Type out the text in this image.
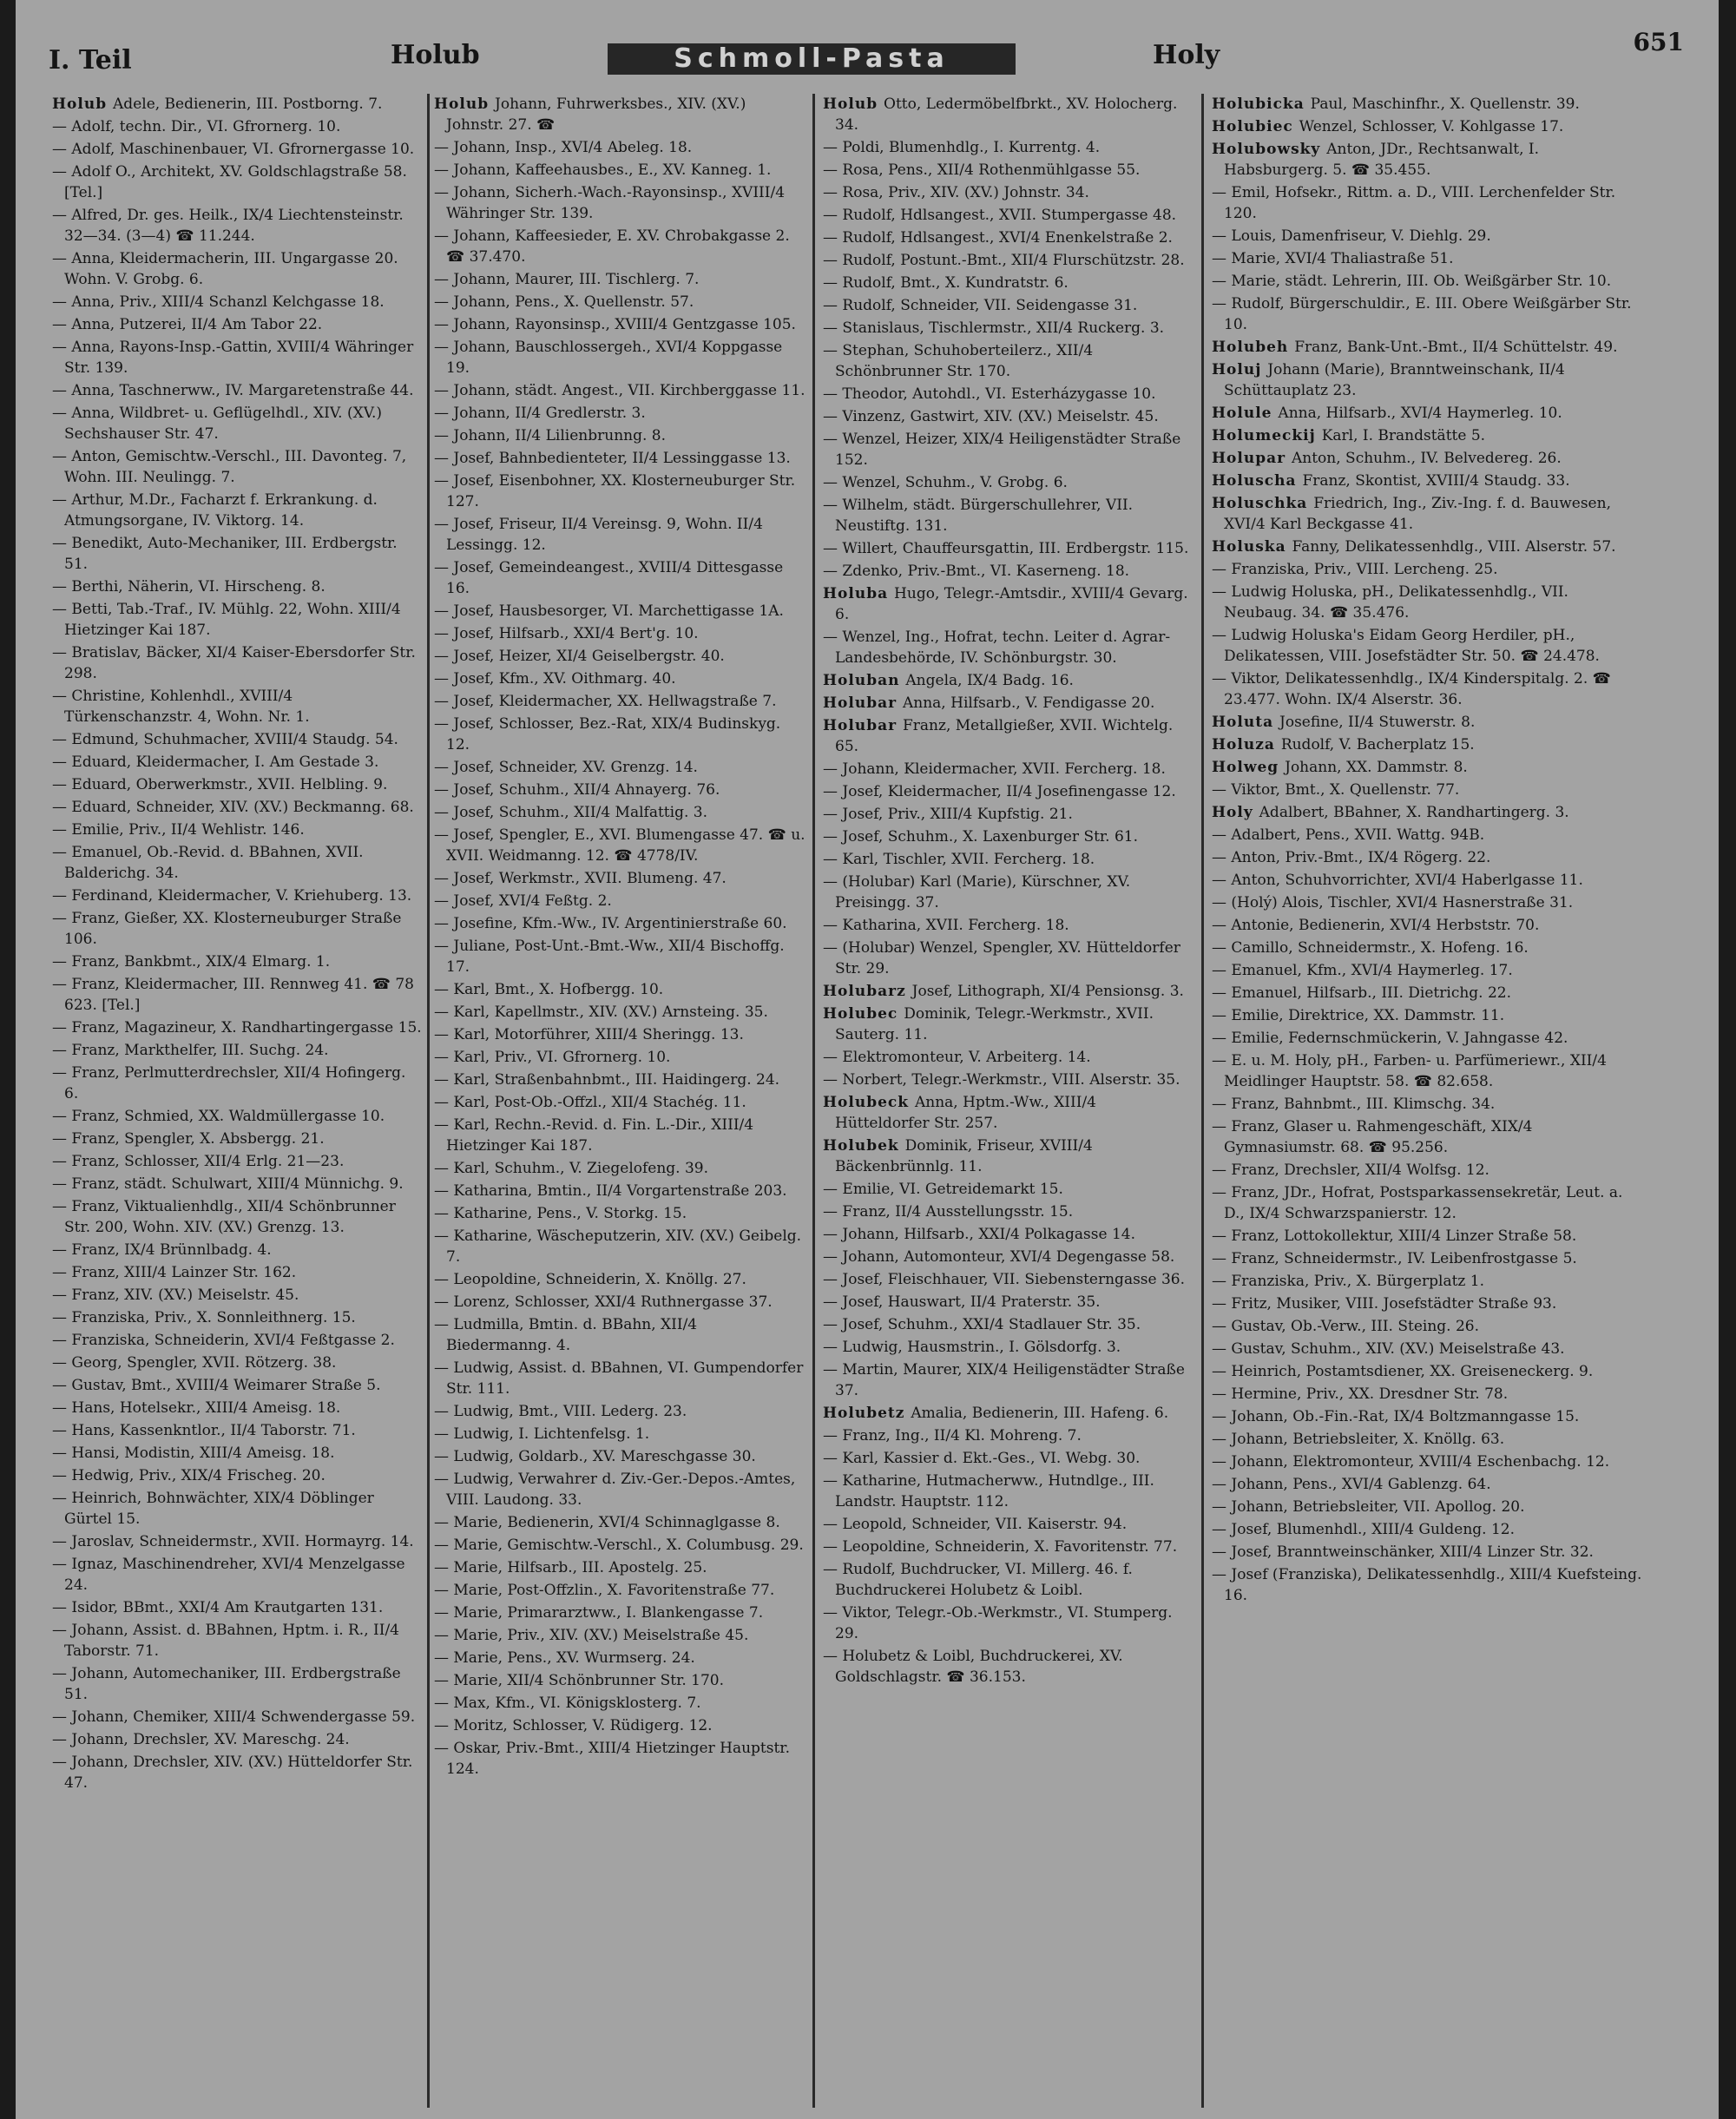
I. Teil	Holub	Schmoll-Pasta	Holy	651
Holub Adele, Bedienerin, III. Postborng. 7.
— Adolf, techn. Dir., VI. Gfrornerg. 10.
— Adolf, Maschinenbauer, VI. Gfrornergasse 10.
— Adolf O., Architekt, XV. Goldschlagstraße 58. [Tel.]
— Alfred, Dr. ges. Heilk., IX/4 Liechtensteinstr. 32—34. (3—4) ☎ 11.244.
— Anna, Kleidermacherin, III. Ungargasse 20. Wohn. V. Grobg. 6.
— Anna, Priv., XIII/4 Schanzl Kelchgasse 18.
— Anna, Putzerei, II/4 Am Tabor 22.
— Anna, Rayons-Insp.-Gattin, XVIII/4 Währinger Str. 139.
— Anna, Taschnerww., IV. Margaretenstraße 44.
— Anna, Wildbret- u. Geflügelhdl., XIV. (XV.) Sechshauser Str. 47.
— Anton, Gemischtw.-Verschl., III. Davonteg. 7, Wohn. III. Neulingg. 7.
— Arthur, M.Dr., Facharzt f. Erkrankung. d. Atmungsorgane, IV. Viktorg. 14.
— Benedikt, Auto-Mechaniker, III. Erdbergstr. 51.
— Berthi, Näherin, VI. Hirscheng. 8.
— Betti, Tab.-Traf., IV. Mühlg. 22, Wohn. XIII/4 Hietzinger Kai 187.
— Bratislav, Bäcker, XI/4 Kaiser-Ebersdorfer Str. 298.
— Christine, Kohlenhdl., XVIII/4 Türkenschanzstr. 4, Wohn. Nr. 1.
— Edmund, Schuhmacher, XVIII/4 Staudg. 54.
— Eduard, Kleidermacher, I. Am Gestade 3.
— Eduard, Oberwerkmstr., XVII. Helbling. 9.
— Eduard, Schneider, XIV. (XV.) Beckmanng. 68.
— Emilie, Priv., II/4 Wehlistr. 146.
— Emanuel, Ob.-Revid. d. BBahnen, XVII. Balderichg. 34.
— Ferdinand, Kleidermacher, V. Kriehuberg. 13.
— Franz, Gießer, XX. Klosterneuburger Straße 106.
— Franz, Bankbmt., XIX/4 Elmarg. 1.
— Franz, Kleidermacher, III. Rennweg 41. ☎ 78 623. [Tel.]
— Franz, Magazineur, X. Randhartingergasse 15.
— Franz, Markthelfer, III. Suchg. 24.
— Franz, Perlmutterdrechsler, XII/4 Hofingerg. 6.
— Franz, Schmied, XX. Waldmüllergasse 10.
— Franz, Spengler, X. Absbergg. 21.
— Franz, Schlosser, XII/4 Erlg. 21—23.
— Franz, städt. Schulwart, XIII/4 Münnichg. 9.
— Franz, Viktualienhdlg., XII/4 Schönbrunner Str. 200, Wohn. XIV. (XV.) Grenzg. 13.
— Franz, IX/4 Brünnlbadg. 4.
— Franz, XIII/4 Lainzer Str. 162.
— Franz, XIV. (XV.) Meiselstr. 45.
— Franziska, Priv., X. Sonnleithnerg. 15.
— Franziska, Schneiderin, XVI/4 Feßtgasse 2.
— Georg, Spengler, XVII. Rötzerg. 38.
— Gustav, Bmt., XVIII/4 Weimarer Straße 5.
— Hans, Hotelsekr., XIII/4 Ameisg. 18.
— Hans, Kassenkntlor., II/4 Taborstr. 71.
— Hansi, Modistin, XIII/4 Ameisg. 18.
— Hedwig, Priv., XIX/4 Frischeg. 20.
— Heinrich, Bohnwächter, XIX/4 Döblinger Gürtel 15.
— Jaroslav, Schneidermstr., XVII. Hormayrg. 14.
— Ignaz, Maschinendreher, XVI/4 Menzelgasse 24.
— Isidor, BBmt., XXI/4 Am Krautgarten 131.
— Johann, Assist. d. BBahnen, Hptm. i. R., II/4 Taborstr. 71.
— Johann, Automechaniker, III. Erdbergstraße 51.
— Johann, Chemiker, XIII/4 Schwendergasse 59.
— Johann, Drechsler, XV. Mareschg. 24.
— Johann, Drechsler, XIV. (XV.) Hütteldorfer Str. 47.
Holub Johann, Fuhrwerksbes., XIV. (XV.) Johnstr. 27. ☎
— Johann, Insp., XVI/4 Abeleg. 18.
— Johann, Kaffeehausbes., E., XV. Kanneg. 1.
— Johann, Sicherh.-Wach.-Rayonsinsp., XVIII/4 Währinger Str. 139.
— Johann, Kaffeesieder, E. XV. Chrobakgasse 2. ☎ 37.470.
— Johann, Maurer, III. Tischlerg. 7.
— Johann, Pens., X. Quellenstr. 57.
— Johann, Rayonsinsp., XVIII/4 Gentzgasse 105.
— Johann, Bauschlossergeh., XVI/4 Koppgasse 19.
— Johann, städt. Angest., VII. Kirchberggasse 11.
— Johann, II/4 Gredlerstr. 3.
— Johann, II/4 Lilienbrunng. 8.
— Josef, Bahnbedienteter, II/4 Lessinggasse 13.
— Josef, Eisenbohner, XX. Klosterneuburger Str. 127.
— Josef, Friseur, II/4 Vereinsg. 9, Wohn. II/4 Lessingg. 12.
— Josef, Gemeindeangest., XVIII/4 Dittesgasse 16.
— Josef, Hausbesorger, VI. Marchettigasse 1A.
— Josef, Hilfsarb., XXI/4 Bert'g. 10.
— Josef, Heizer, XI/4 Geiselbergstr. 40.
— Josef, Kfm., XV. Oithmarg. 40.
— Josef, Kleidermacher, XX. Hellwagstraße 7.
— Josef, Schlosser, Bez.-Rat, XIX/4 Budinskyg. 12.
— Josef, Schneider, XV. Grenzg. 14.
— Josef, Schuhm., XII/4 Ahnayerg. 76.
— Josef, Schuhm., XII/4 Malfattig. 3.
— Josef, Spengler, E., XVI. Blumengasse 47. ☎ u. XVII. Weidmanng. 12. ☎ 4778/IV.
— Josef, Werkmstr., XVII. Blumeng. 47.
— Josef, XVI/4 Feßtg. 2.
— Josefine, Kfm.-Ww., IV. Argentinierstraße 60.
— Juliane, Post-Unt.-Bmt.-Ww., XII/4 Bischoffg. 17.
— Karl, Bmt., X. Hofbergg. 10.
— Karl, Kapellmstr., XIV. (XV.) Arnsteing. 35.
— Karl, Motorführer, XIII/4 Sheringg. 13.
— Karl, Priv., VI. Gfrornerg. 10.
— Karl, Straßenbahnbmt., III. Haidingerg. 24.
— Karl, Post-Ob.-Offzl., XII/4 Stachég. 11.
— Karl, Rechn.-Revid. d. Fin. L.-Dir., XIII/4 Hietzinger Kai 187.
— Karl, Schuhm., V. Ziegelofeng. 39.
— Katharina, Bmtin., II/4 Vorgartenstraße 203.
— Katharine, Pens., V. Storkg. 15.
— Katharine, Wäscheputzerin, XIV. (XV.) Geibelg. 7.
— Leopoldine, Schneiderin, X. Knöllg. 27.
— Lorenz, Schlosser, XXI/4 Ruthnergasse 37.
— Ludmilla, Bmtin. d. BBahn, XII/4 Biedermanng. 4.
— Ludwig, Assist. d. BBahnen, VI. Gumpendorfer Str. 111.
— Ludwig, Bmt., VIII. Lederg. 23.
— Ludwig, I. Lichtenfelsg. 1.
— Ludwig, Goldarb., XV. Mareschgasse 30.
— Ludwig, Verwahrer d. Ziv.-Ger.-Depos.-Amtes, VIII. Laudong. 33.
— Marie, Bedienerin, XVI/4 Schinnaglgasse 8.
— Marie, Gemischtw.-Verschl., X. Columbusg. 29.
— Marie, Hilfsarb., III. Apostelg. 25.
— Marie, Post-Offzlin., X. Favoritenstraße 77.
— Marie, Primararztww., I. Blankengasse 7.
— Marie, Priv., XIV. (XV.) Meiselstraße 45.
— Marie, Pens., XV. Wurmserg. 24.
— Marie, XII/4 Schönbrunner Str. 170.
— Max, Kfm., VI. Königsklosterg. 7.
— Moritz, Schlosser, V. Rüdigerg. 12.
— Oskar, Priv.-Bmt., XIII/4 Hietzinger Hauptstr. 124.
Holub Otto, Ledermöbelfbrkt., XV. Holocherg. 34.
— Poldi, Blumenhdlg., I. Kurrentg. 4.
— Rosa, Pens., XII/4 Rothenmühlgasse 55.
— Rosa, Priv., XIV. (XV.) Johnstr. 34.
— Rudolf, Hdlsangest., XVII. Stumpergasse 48.
— Rudolf, Hdlsangest., XVI/4 Enenkelstraße 2.
— Rudolf, Postunt.-Bmt., XII/4 Flurschützstr. 28.
— Rudolf, Bmt., X. Kundratstr. 6.
— Rudolf, Schneider, VII. Seidengasse 31.
— Stanislaus, Tischlermstr., XII/4 Ruckerg. 3.
— Stephan, Schuhoberteilerz., XII/4 Schönbrunner Str. 170.
— Theodor, Autohdl., VI. Esterházygasse 10.
— Vinzenz, Gastwirt, XIV. (XV.) Meiselstr. 45.
— Wenzel, Heizer, XIX/4 Heiligenstädter Straße 152.
— Wenzel, Schuhm., V. Grobg. 6.
— Wilhelm, städt. Bürgerschullehrer, VII. Neustiftg. 131.
— Willert, Chauffeursgattin, III. Erdbergstr. 115.
— Zdenko, Priv.-Bmt., VI. Kaserneng. 18.
Holuba Hugo, Telegr.-Amtsdir., XVIII/4 Gevarg. 6.
— Wenzel, Ing., Hofrat, techn. Leiter d. Agrar-Landesbehörde, IV. Schönburgstr. 30.
Holuban Angela, IX/4 Badg. 16.
Holubar Anna, Hilfsarb., V. Fendigasse 20.
Holubar Franz, Metallgießer, XVII. Wichtelg. 65.
— Johann, Kleidermacher, XVII. Fercherg. 18.
— Josef, Kleidermacher, II/4 Josefinengasse 12.
— Josef, Priv., XIII/4 Kupfstig. 21.
— Josef, Schuhm., X. Laxenburger Str. 61.
— Karl, Tischler, XVII. Fercherg. 18.
— (Holubar) Karl (Marie), Kürschner, XV. Preisingg. 37.
— Katharina, XVII. Fercherg. 18.
— (Holubar) Wenzel, Spengler, XV. Hütteldorfer Str. 29.
Holubarz Josef, Lithograph, XI/4 Pensionsg. 3.
Holubec Dominik, Telegr.-Werkmstr., XVII. Sauterg. 11.
— Elektromonteur, V. Arbeiterg. 14.
— Norbert, Telegr.-Werkmstr., VIII. Alserstr. 35.
Holubeck Anna, Hptm.-Ww., XIII/4 Hütteldorfer Str. 257.
Holubek Dominik, Friseur, XVIII/4 Bäckenbrünnlg. 11.
— Emilie, VI. Getreidemarkt 15.
— Franz, II/4 Ausstellungsstr. 15.
— Johann, Hilfsarb., XXI/4 Polkagasse 14.
— Johann, Automonteur, XVI/4 Degengasse 58.
— Josef, Fleischhauer, VII. Siebensterngasse 36.
— Josef, Hauswart, II/4 Praterstr. 35.
— Josef, Schuhm., XXI/4 Stadlauer Str. 35.
— Ludwig, Hausmstrin., I. Gölsdorfg. 3.
— Martin, Maurer, XIX/4 Heiligenstädter Straße 37.
Holubetz Amalia, Bedienerin, III. Hafeng. 6.
— Franz, Ing., II/4 Kl. Mohreng. 7.
— Karl, Kassier d. Ekt.-Ges., VI. Webg. 30.
— Katharine, Hutmacherww., Hutndlge., III. Landstr. Hauptstr. 112.
— Leopold, Schneider, VII. Kaiserstr. 94.
— Leopoldine, Schneiderin, X. Favoritenstr. 77.
— Rudolf, Buchdrucker, VI. Millerg. 46. f. Buchdruckerei Holubetz & Loibl.
— Viktor, Telegr.-Ob.-Werkmstr., VI. Stumperg. 29.
— Holubetz & Loibl, Buchdruckerei, XV. Goldschlagstr. ☎ 36.153.
Holubicka Paul, Maschinfhr., X. Quellenstr. 39.
Holubiec Wenzel, Schlosser, V. Kohlgasse 17.
Holubowsky Anton, JDr., Rechtsanwalt, I. Habsburgerg. 5. ☎ 35.455.
— Emil, Hofsekr., Rittm. a. D., VIII. Lerchenfelder Str. 120.
— Louis, Damenfriseur, V. Diehlg. 29.
— Marie, XVI/4 Thaliastraße 51.
— Marie, städt. Lehrerin, III. Ob. Weißgärber Str. 10.
— Rudolf, Bürgerschuldir., E. III. Obere Weißgärber Str. 10.
Holubeh Franz, Bank-Unt.-Bmt., II/4 Schüttelstr. 49.
Holuj Johann (Marie), Branntweinschank, II/4 Schüttauplatz 23.
Holule Anna, Hilfsarb., XVI/4 Haymerleg. 10.
Holumeckij Karl, I. Brandstätte 5.
Holupar Anton, Schuhm., IV. Belvedereg. 26.
Holuscha Franz, Skontist, XVIII/4 Staudg. 33.
Holuschka Friedrich, Ing., Ziv.-Ing. f. d. Bauwesen, XVI/4 Karl Beckgasse 41.
Holuska Fanny, Delikatessenhdlg., VIII. Alserstr. 57.
— Franziska, Priv., VIII. Lercheng. 25.
— Ludwig Holuska, pH., Delikatessenhdlg., VII. Neubaug. 34. ☎ 35.476.
— Ludwig Holuska's Eidam Georg Herdiler, pH., Delikatessen, VIII. Josefstädter Str. 50. ☎ 24.478.
— Viktor, Delikatessenhdlg., IX/4 Kinderspitalg. 2. ☎ 23.477. Wohn. IX/4 Alserstr. 36.
Holuta Josefine, II/4 Stuwerstr. 8.
Holuza Rudolf, V. Bacherplatz 15.
Holweg Johann, XX. Dammstr. 8.
— Viktor, Bmt., X. Quellenstr. 77.
Holy Adalbert, BBahner, X. Randhartingerg. 3.
— Adalbert, Pens., XVII. Wattg. 94B.
— Anton, Priv.-Bmt., IX/4 Rögerg. 22.
— Anton, Schuhvorrichter, XVI/4 Haberlgasse 11.
— (Holý) Alois, Tischler, XVI/4 Hasnerstraße 31.
— Antonie, Bedienerin, XVI/4 Herbststr. 70.
— Camillo, Schneidermstr., X. Hofeng. 16.
— Emanuel, Kfm., XVI/4 Haymerleg. 17.
— Emanuel, Hilfsarb., III. Dietrichg. 22.
— Emilie, Direktrice, XX. Dammstr. 11.
— Emilie, Federnschmückerin, V. Jahngasse 42.
— E. u. M. Holy, pH., Farben- u. Parfümeriewr., XII/4 Meidlinger Hauptstr. 58. ☎ 82.658.
— Franz, Bahnbmt., III. Klimschg. 34.
— Franz, Glaser u. Rahmengeschäft, XIX/4 Gymnasiumstr. 68. ☎ 95.256.
— Franz, Drechsler, XII/4 Wolfsg. 12.
— Franz, JDr., Hofrat, Postsparkassensekretär, Leut. a. D., IX/4 Schwarzspanierstr. 12.
— Franz, Lottokollektur, XIII/4 Linzer Straße 58.
— Franz, Schneidermstr., IV. Leibenfrostgasse 5.
— Franziska, Priv., X. Bürgerplatz 1.
— Fritz, Musiker, VIII. Josefstädter Straße 93.
— Gustav, Ob.-Verw., III. Steing. 26.
— Gustav, Schuhm., XIV. (XV.) Meiselstraße 43.
— Heinrich, Postamtsdiener, XX. Greiseneckerg. 9.
— Hermine, Priv., XX. Dresdner Str. 78.
— Johann, Ob.-Fin.-Rat, IX/4 Boltzmanngasse 15.
— Johann, Betriebsleiter, X. Knöllg. 63.
— Johann, Elektromonteur, XVIII/4 Eschenbachg. 12.
— Johann, Pens., XVI/4 Gablenzg. 64.
— Johann, Betriebsleiter, VII. Apollog. 20.
— Josef, Blumenhdl., XIII/4 Guldeng. 12.
— Josef, Branntweinschänker, XIII/4 Linzer Str. 32.
— Josef (Franziska), Delikatessenhdlg., XIII/4 Kuefsteing. 16.
